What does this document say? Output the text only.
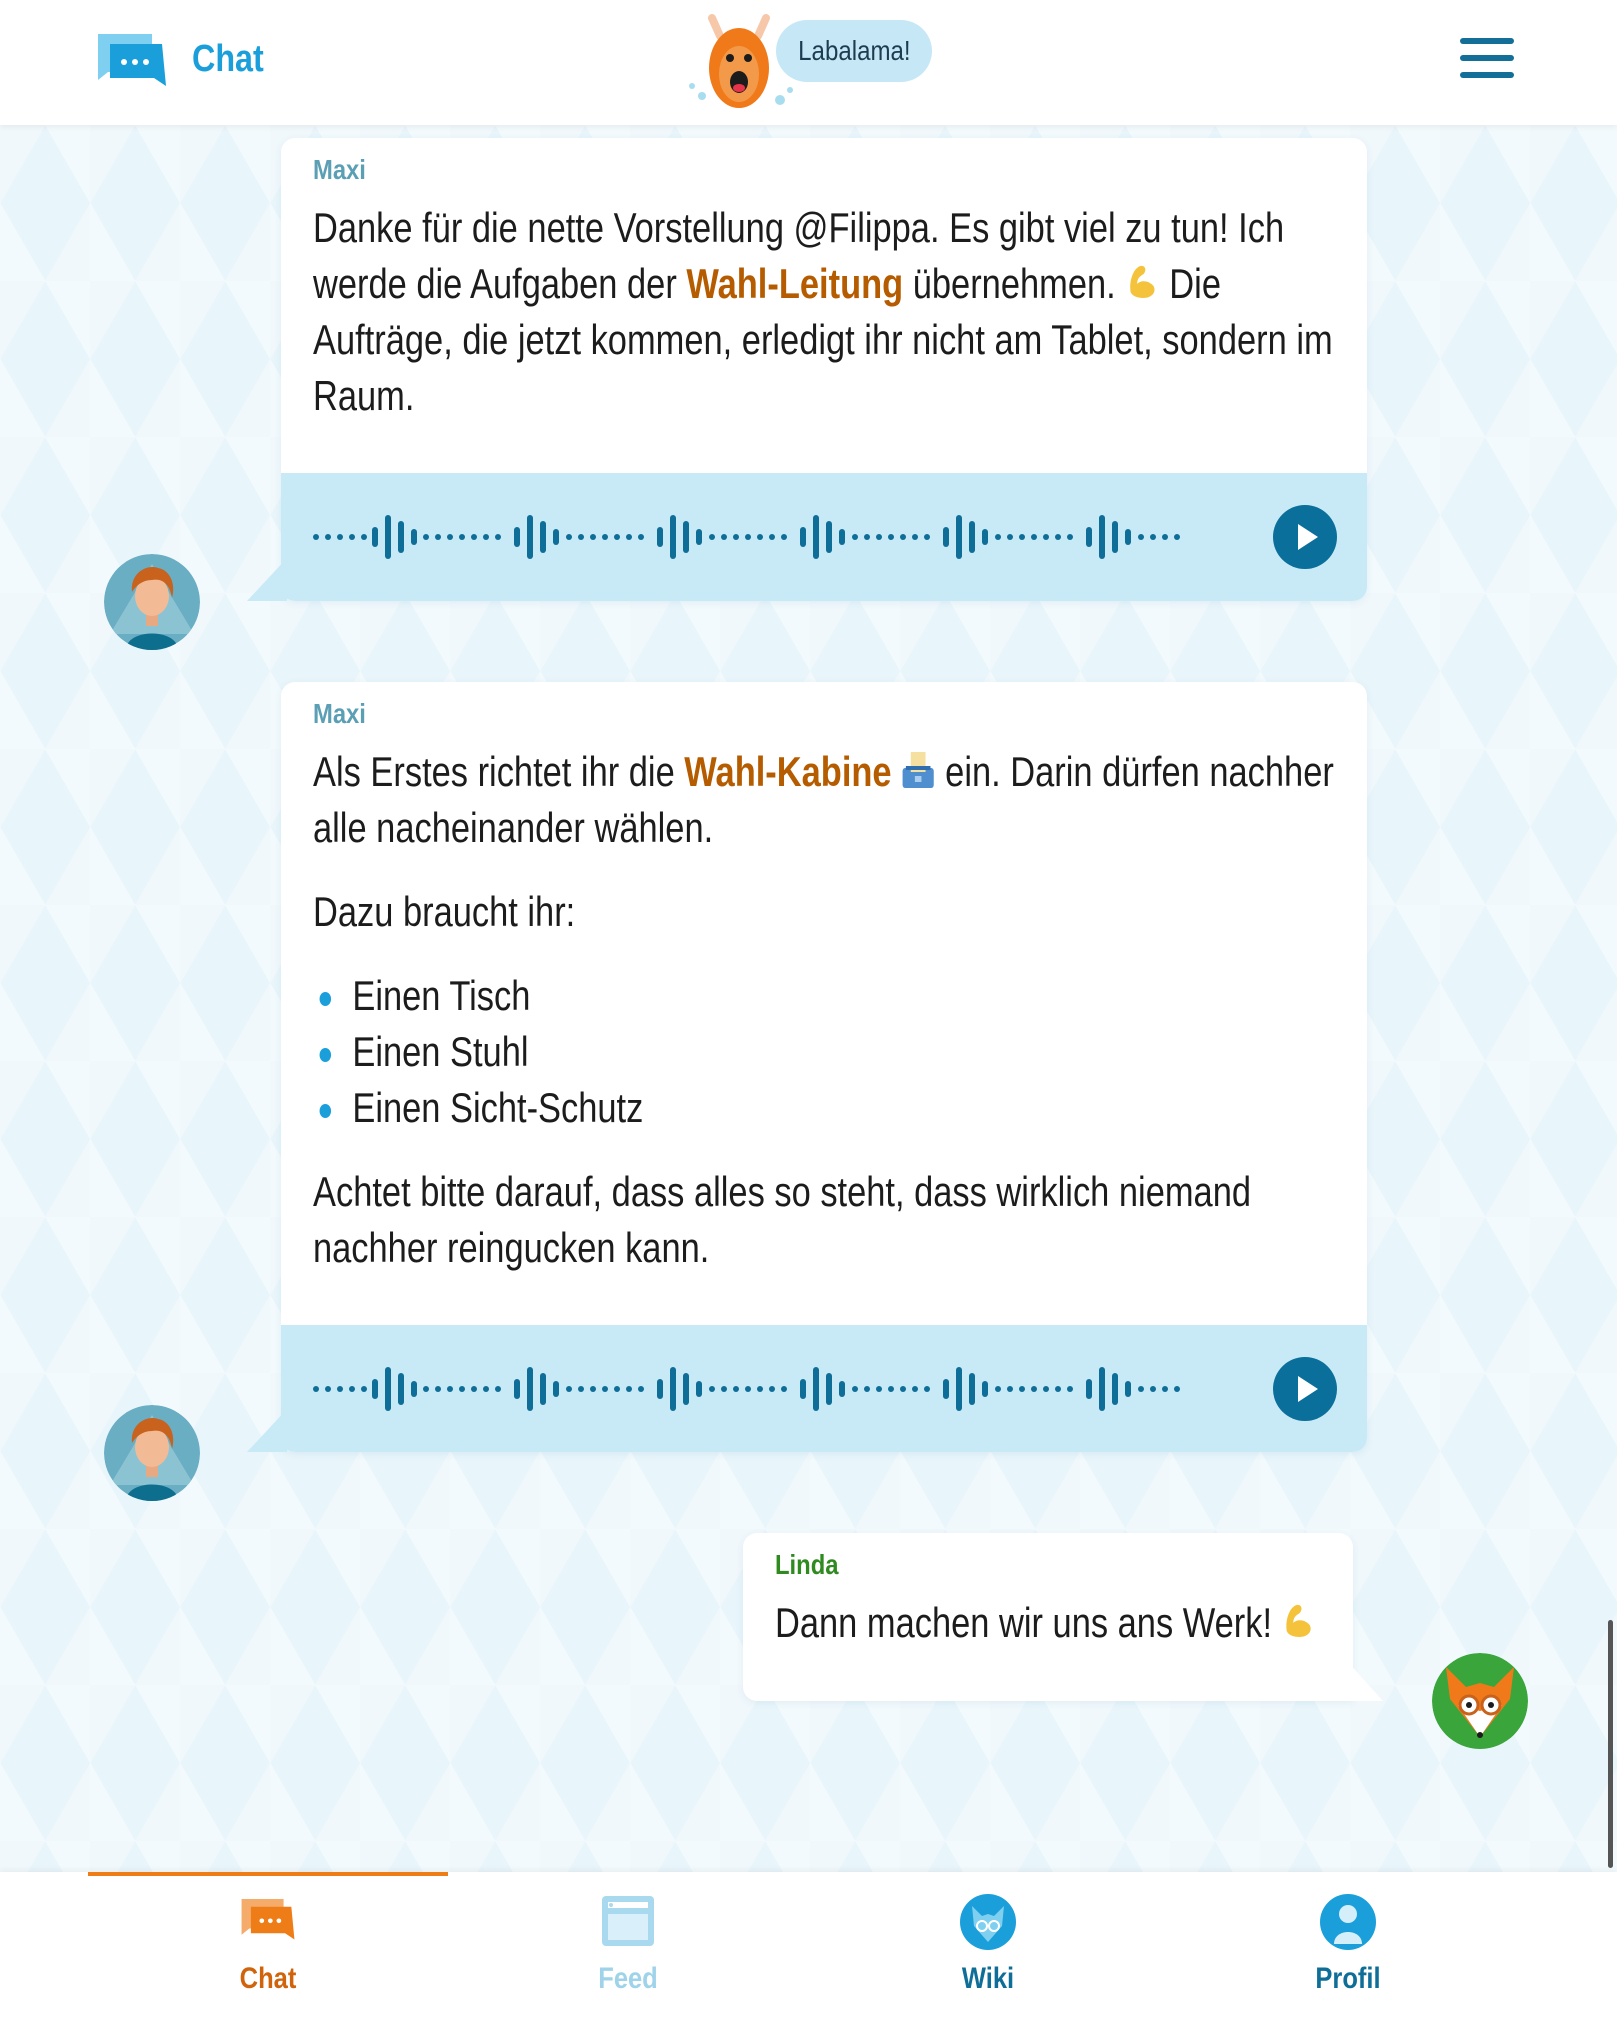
Chat	Labalama!
Maxi
Danke für die nette Vorstellung @Filippa. Es gibt viel zu tun! Ich werde die Aufgaben der Wahl-Leitung übernehmen.  Die Aufträge, die jetzt kommen, erledigt ihr nicht am Tablet, sondern im Raum.
Maxi
Als Erstes richtet ihr die Wahl-Kabine  ein. Darin dürfen nachher alle nacheinander wählen.
Dazu braucht ihr:
Einen Tisch
Einen Stuhl
Einen Sicht-Schutz
Achtet bitte darauf, dass alles so steht, dass wirklich niemand nachher reingucken kann.
Linda
Dann machen wir uns ans Werk!
Chat	Feed	Wiki	Profil
